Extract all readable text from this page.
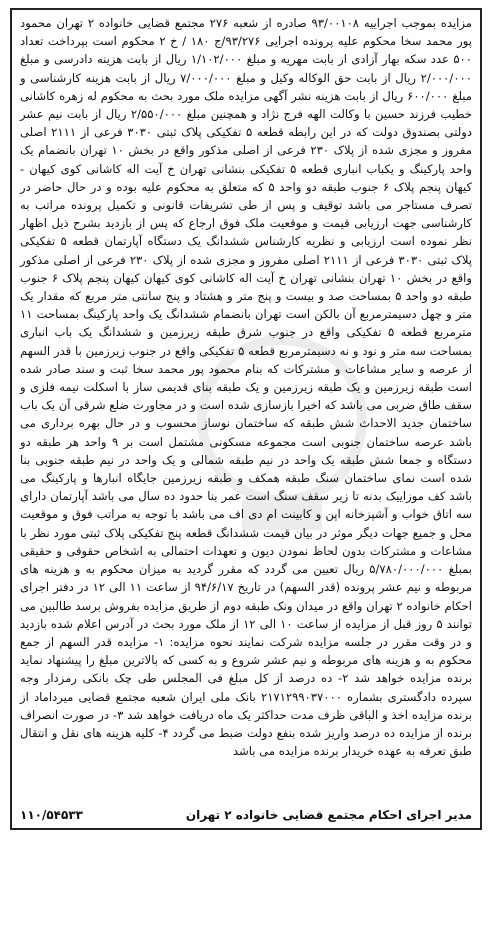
مزایده بموجب اجراییه ۹۳/۰۰۱۰۸ صادره از شعبه ۲۷۶ مجتمع قضایی خانواده ۲ تهران محمود پور محمد سخا محکوم علیه پرونده اجرایی ۹۳/۲۷۶/ج ۱۸۰ / خ ۲ محکوم است بپرداخت تعداد ۵۰۰ عدد سکه بهار آزادی از بابت مهریه و مبلغ ۱/۱۰۲/۰۰۰ ریال از بابت هزینه دادرسی و مبلغ ۲/۰۰۰/۰۰۰ ریال از بابت حق الوکاله وکیل و مبلغ ۷/۰۰۰/۰۰۰ ریال از بابت هزینه کارشناسی و مبلغ ۶۰۰/۰۰۰ ریال از بابت هزینه نشر آگهی مزایده ملک مورد بحث به محکوم له زهره کاشانی خطیب فرزند حسین با وکالت الهه فرج نژاد و همچنین مبلغ ۲/۵۵۰/۰۰۰ ریال از بابت نیم عشر دولتی بصندوق دولت که در این رابطه قطعه ۵ تفکیکی پلاک ثبتی ۳۰۳۰ فرعی از ۲۱۱۱ اصلی مفروز و مجزی شده از پلاک ۲۳۰ فرعی از اصلی مذکور واقع در بخش ۱۰ تهران بانضمام یک واحد پارکینگ و یکباب انباری قطعه ۵ تفکیکی بنشانی تهران خ آیت اله کاشانی کوی کیهان - کیهان پنجم پلاک ۶ جنوب طبقه دو واحد ۵ که متعلق به محکوم علیه بوده و در حال حاضر در تصرف مستاجر می باشد توقیف و پس از طی تشریفات قانونی و تکمیل پرونده مراتب به کارشناسی جهت ارزیابی قیمت و موقعیت ملک فوق ارجاع که پس از بازدید بشرح ذیل اظهار نظر نموده است ارزیابی و نظریه کارشناس ششدانگ یک دستگاه آپارتمان قطعه ۵ تفکیکی پلاک ثبتی ۳۰۳۰ فرعی از ۲۱۱۱ اصلی مفروز و مجزی شده از پلاک ۲۳۰ فرعی از اصلی مذکور واقع در بخش ۱۰ تهران بنشانی تهران خ آیت اله کاشانی کوی کیهان کیهان پنجم پلاک ۶ جنوب طبقه دو واحد ۵ بمساحت صد و بیست و پنج متر و هشتاد و پنج سانتی متر مربع که مقدار یک متر و چهل دسیمترمربع آن بالکن است تهران بانضمام ششدانگ یک واحد پارکینگ بمساحت ۱۱ مترمربع قطعه ۵ تفکیکی واقع در جنوب شرق طبقه زیرزمین و ششدانگ یک باب انباری بمساحت سه متر و نود و نه دسیمترمربع قطعه ۵ تفکیکی واقع در جنوب زیرزمین با قدر السهم از عرصه و سایر مشاعات و مشترکات که بنام محمود پور محمد سخا ثبت و سند صادر شده است طبقه زیرزمین و یک طبقه زیرزمین و یک طبقه بنای قدیمی ساز با اسکلت نیمه فلزی و سقف طاق ضربی می باشد که اخیرا بازسازی شده است و در مجاورت ضلع شرقی آن یک باب ساختمان جدید الاحداث شش طبقه که ساختمان نوساز محسوب و در حال بهره برداری می باشد عرصه ساختمان جنوبی است مجموعه مسکونی مشتمل است بر ۹ واحد هر طبقه دو دستگاه و جمعا شش طبقه یک واحد در نیم طبقه شمالی و یک واحد در نیم طبقه جنوبی بنا شده است نمای ساختمان سنگ طبقه همکف و طبقه زیرزمین جایگاه انبارها و پارکینگ می باشد کف موزاییک بدنه تا زیر سقف سنگ است عمر بنا حدود ده سال می باشد آپارتمان دارای سه اتاق خواب و آشپزخانه اپن و کابینت ام دی اف می باشد با توجه به مراتب فوق و موقعیت محل و جمیع جهات دیگر موثر در بیان قیمت ششدانگ قطعه پنج تفکیکی پلاک ثبتی مورد نظر با مشاعات و مشترکات بدون لحاظ نمودن دیون و تعهدات احتمالی به اشخاص حقوقی و حقیقی بمبلغ ۵/۷۸۰/۰۰۰/۰۰۰ ریال تعیین می گردد که مقرر گردید به میزان محکوم به و هزینه های مربوطه و نیم عشر پرونده (قدر السهم) در تاریخ ۹۴/۶/۱۷ از ساعت ۱۱ الی ۱۲ در دفتر اجرای احکام خانواده ۲ تهران واقع در میدان ونک طبقه دوم از طریق مزایده بفروش برسد طالبین می توانند ۵ روز قبل از مزایده از ساعت ۱۰ الی ۱۲ از ملک مورد بحث در آدرس اعلام شده بازدید و در وقت مقرر در جلسه مزایده شرکت نمایند نحوه مزایده: ۱- مزایده قدر السهم از جمع محکوم به و هزینه های مربوطه و نیم عشر شروع و به کسی که بالاترین مبلغ را پیشنهاد نماید برنده مزایده خواهد شد ۲- ده درصد از کل مبلغ فی المجلس طی چک بانکی رمزدار وجه سپرده دادگستری بشماره ۲۱۷۱۲۹۹۰۳۷۰۰۰ بانک ملی ایران شعبه مجتمع قضایی میرداماد از برنده مزایده اخذ و الباقی ظرف مدت حداکثر یک ماه دریافت خواهد شد ۳- در صورت انصراف برنده از مزایده ده درصد واریز شده بنفع دولت ضبط می گردد ۴- کلیه هزینه های نقل و انتقال طبق تعرفه به عهده خریدار برنده مزایده می باشد

مدیر اجرای احکام مجتمع قضایی خانواده ۲ تهران
۱۱۰/۵۴۵۳۳
